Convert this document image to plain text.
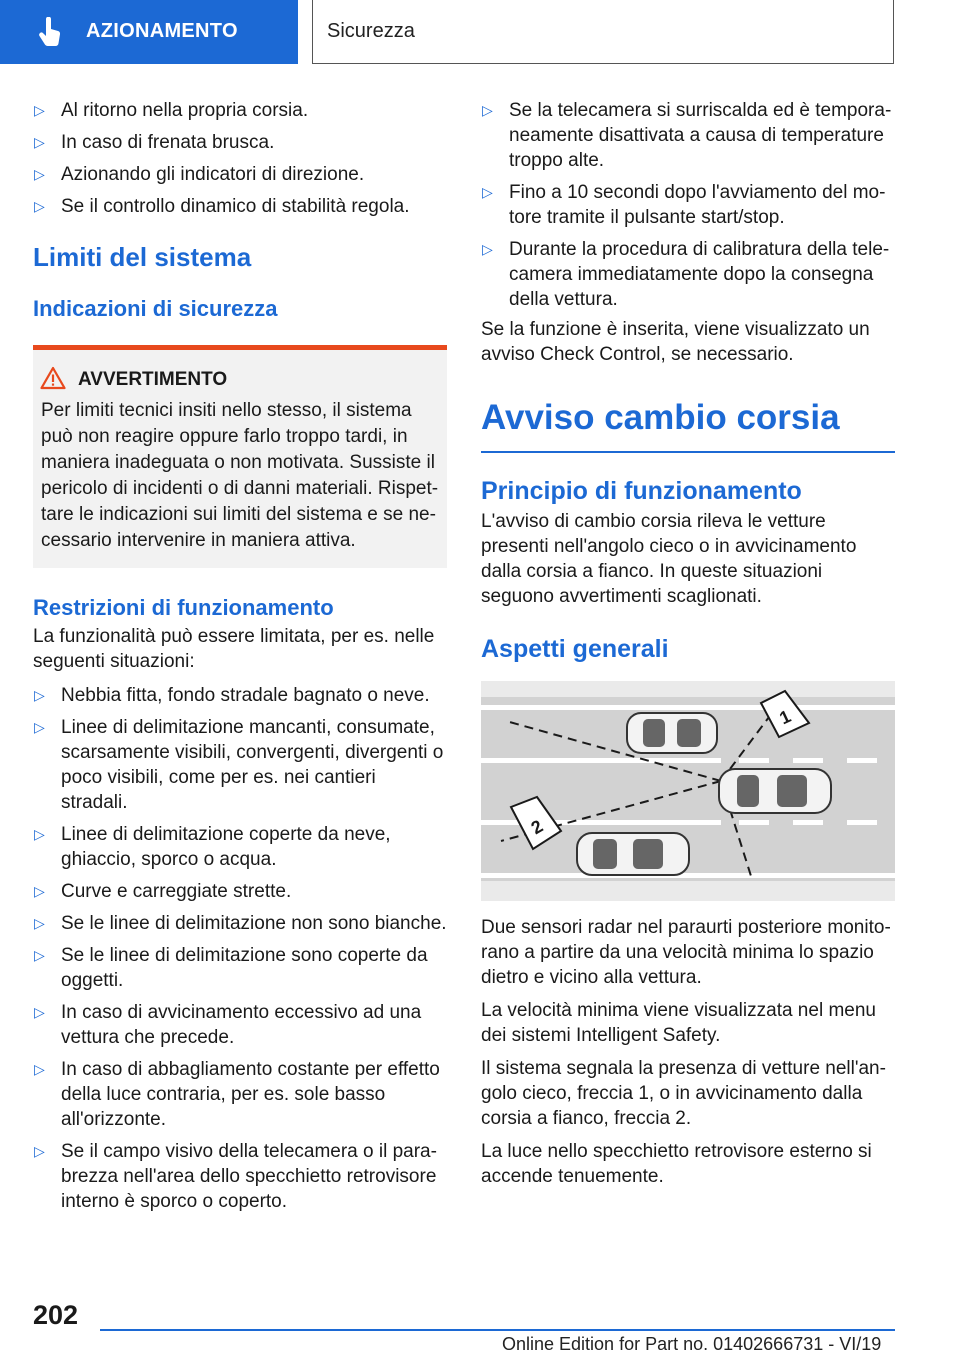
AZIONAMENTO	Sicurezza
▷ Al ritorno nella propria corsia.
▷ In caso di frenata brusca.
▷ Azionando gli indicatori di direzione.
▷ Se il controllo dinamico di stabilità regola.
Limiti del sistema
Indicazioni di sicurezza
AVVERTIMENTO

Per limiti tecnici insiti nello stesso, il sistema può non reagire oppure farlo troppo tardi, in maniera inadeguata o non motivata. Sussiste il pericolo di incidenti o di danni materiali. Rispettare le indicazioni sui limiti del sistema e se necessario intervenire in maniera attiva.

Restrizioni di funzionamento

La funzionalità può essere limitata, per es. nelle seguenti situazioni:

▷ Nebbia fitta, fondo stradale bagnato o neve.
▷ Linee di delimitazione mancanti, consumate, scarsamente visibili, convergenti, divergenti o poco visibili, come per es. nei cantieri stradali.
▷ Linee di delimitazione coperte da neve, ghiaccio, sporco o acqua.
▷ Curve e carreggiate strette.
▷ Se le linee di delimitazione non sono bianche.
▷ Se le linee di delimitazione sono coperte da oggetti.
▷ In caso di avvicinamento eccessivo ad una vettura che precede.
▷ In caso di abbagliamento costante per effetto della luce contraria, per es. sole basso all'orizzonte.
▷ Se il campo visivo della telecamera o il parabrezza nell'area dello specchietto retrovisore interno è sporco o coperto.
▷ Se la telecamera si surriscalda ed è temporaneamente disattivata a causa di temperature troppo alte.
▷ Fino a 10 secondi dopo l'avviamento del motore tramite il pulsante start/stop.
▷ Durante la procedura di calibratura della telecamera immediatamente dopo la consegna della vettura.

Se la funzione è inserita, viene visualizzato un avviso Check Control, se necessario.

Avviso cambio corsia
Principio di funzionamento

L'avviso di cambio corsia rileva le vetture presenti nell'angolo cieco o in avvicinamento dalla corsia a fianco. In queste situazioni seguono avvertimenti scaglionati.

Aspetti generali
1
2

Due sensori radar nel paraurti posteriore monitorano a partire da una velocità minima lo spazio dietro e vicino alla vettura.

La velocità minima viene visualizzata nel menu dei sistemi Intelligent Safety.

Il sistema segnala la presenza di vetture nell'angolo cieco, freccia 1, o in avvicinamento dalla corsia a fianco, freccia 2.

La luce nello specchietto retrovisore esterno si accende tenuemente.

202
Online Edition for Part no. 01402666731 - VI/19
